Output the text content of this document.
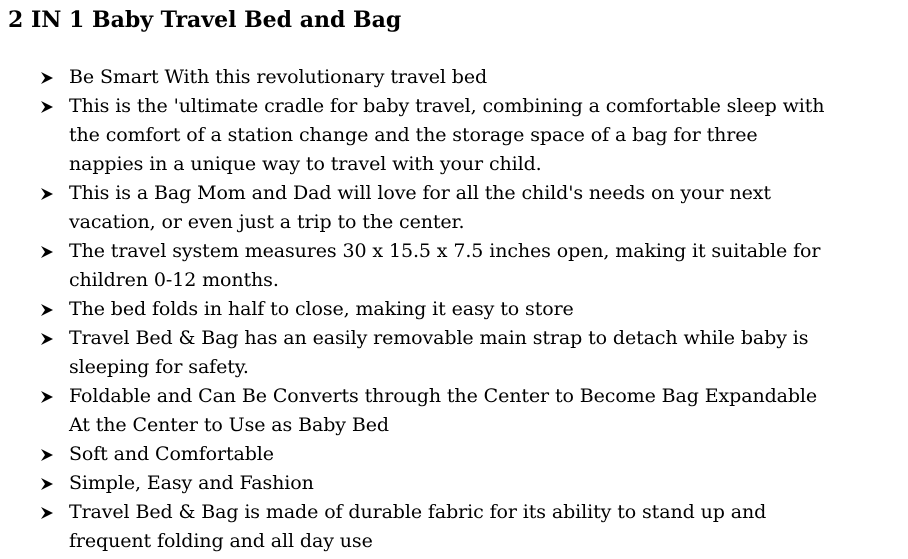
2 IN 1 Baby Travel Bed and Bag
Be Smart With this revolutionary travel bed
This is the 'ultimate cradle for baby travel, combining a comfortable sleep with
the comfort of a station change and the storage space of a bag for three
nappies in a unique way to travel with your child.
This is a Bag Mom and Dad will love for all the child's needs on your next
vacation, or even just a trip to the center.
The travel system measures 30 x 15.5 x 7.5 inches open, making it suitable for
children 0-12 months.
The bed folds in half to close, making it easy to store
Travel Bed & Bag has an easily removable main strap to detach while baby is
sleeping for safety.
Foldable and Can Be Converts through the Center to Become Bag Expandable
At the Center to Use as Baby Bed
Soft and Comfortable
Simple, Easy and Fashion
Travel Bed & Bag is made of durable fabric for its ability to stand up and
frequent folding and all day use
